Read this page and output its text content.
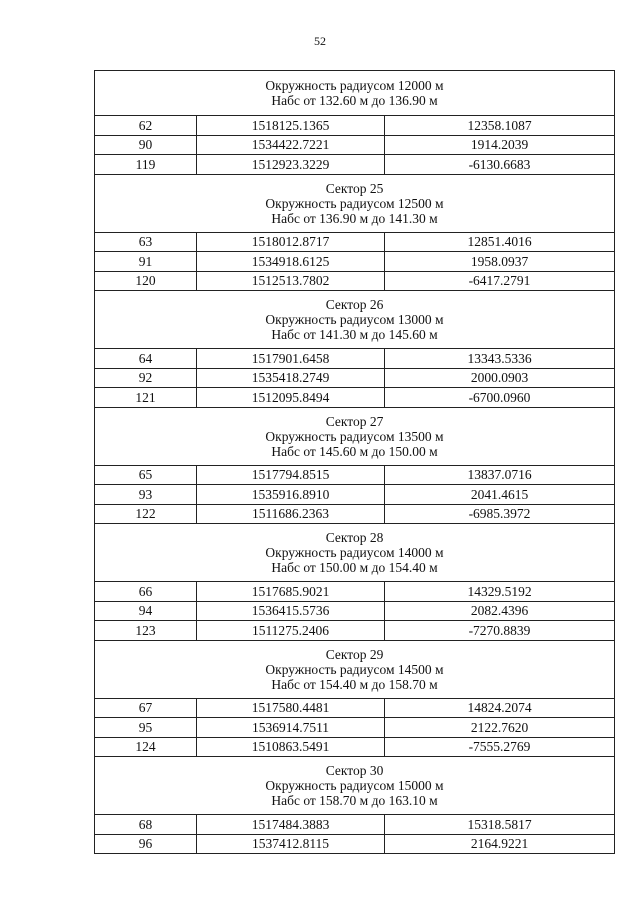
52
Окружность радиусом 12000 м
Набс от 132.60 м до 136.90 м		

62	1518125.1365	12358.1087
90	1534422.7221	1914.2039
119	1512923.3229	-6130.6683

Сектор 25
Окружность радиусом 12500 м
Набс от 136.90 м до 141.30 м		

63	1518012.8717	12851.4016
91	1534918.6125	1958.0937
120	1512513.7802	-6417.2791

Сектор 26
Окружность радиусом 13000 м
Набс от 141.30 м до 145.60 м		

64	1517901.6458	13343.5336
92	1535418.2749	2000.0903
121	1512095.8494	-6700.0960

Сектор 27
Окружность радиусом 13500 м
Набс от 145.60 м до 150.00 м		

65	1517794.8515	13837.0716
93	1535916.8910	2041.4615
122	1511686.2363	-6985.3972

Сектор 28
Окружность радиусом 14000 м
Набс от 150.00 м до 154.40 м		

66	1517685.9021	14329.5192
94	1536415.5736	2082.4396
123	1511275.2406	-7270.8839

Сектор 29
Окружность радиусом 14500 м
Набс от 154.40 м до 158.70 м		

67	1517580.4481	14824.2074
95	1536914.7511	2122.7620
124	1510863.5491	-7555.2769

Сектор 30
Окружность радиусом 15000 м
Набс от 158.70 м до 163.10 м		

68	1517484.3883	15318.5817
96	1537412.8115	2164.9221
